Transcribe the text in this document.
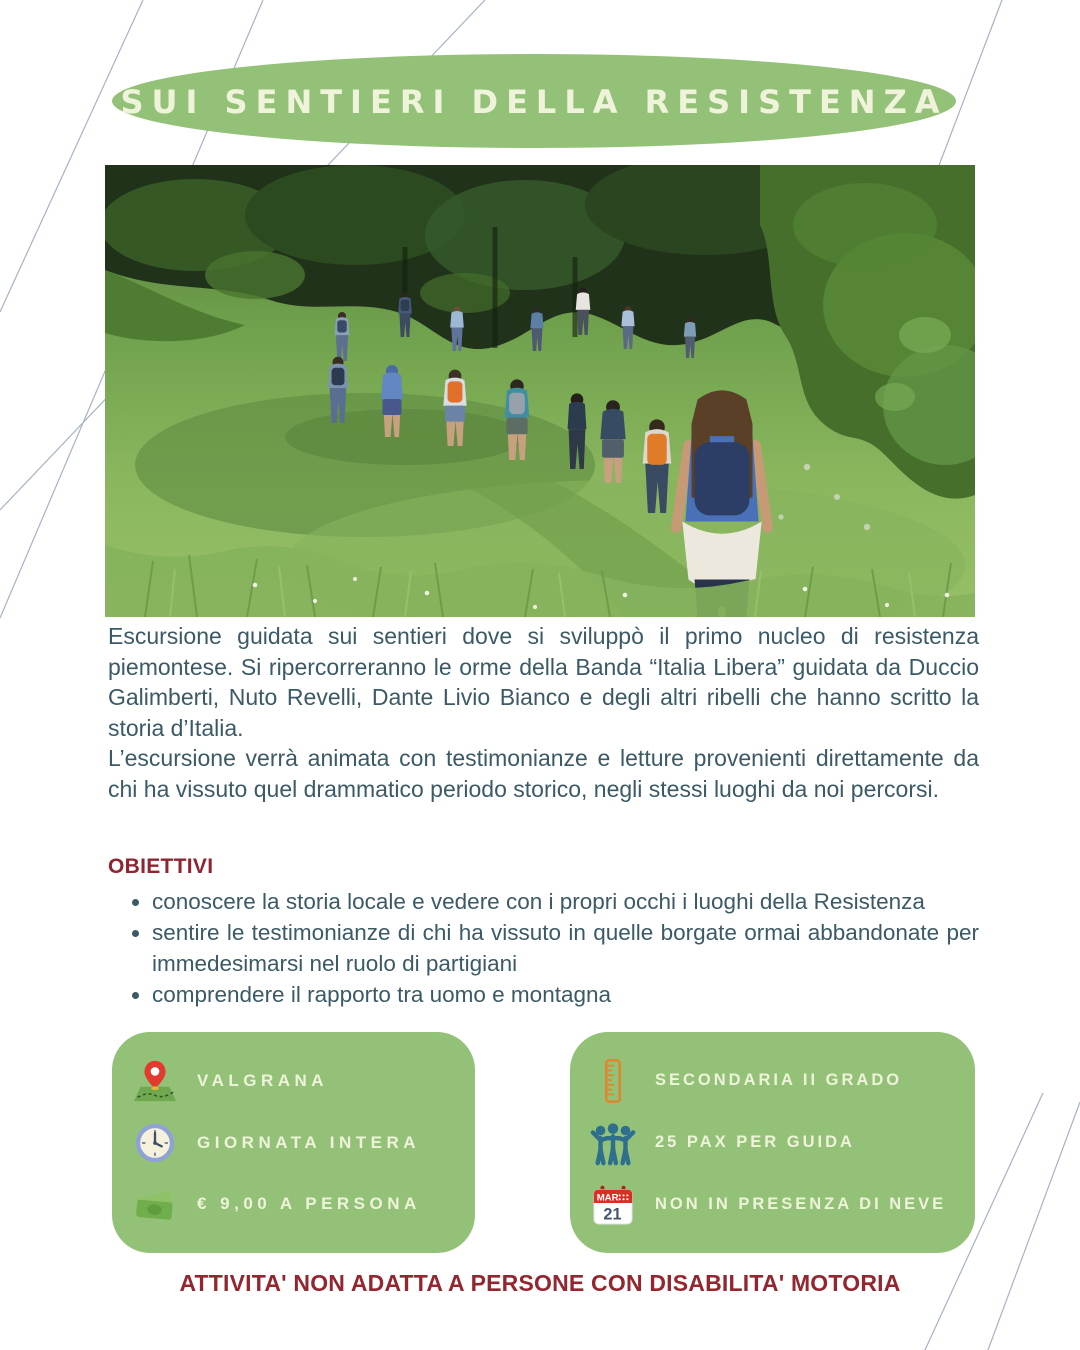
SUI SENTIERI DELLA RESISTENZA

Escursione guidata sui sentieri dove si sviluppò il primo nucleo di resistenza piemontese. Si ripercorreranno le orme della Banda “Italia Libera” guidata da Duccio Galimberti, Nuto Revelli, Dante Livio Bianco e degli altri ribelli che hanno scritto la storia d’Italia.

L’escursione verrà animata con testimonianze e letture provenienti direttamente da chi ha vissuto quel drammatico periodo storico, negli stessi luoghi da noi percorsi.

OBIETTIVI
• conoscere la storia locale e vedere con i propri occhi i luoghi della Resistenza
• sentire le testimonianze di chi ha vissuto in quelle borgate ormai abbandonate per immedesimarsi nel ruolo di partigiani
• comprendere il rapporto tra uomo e montagna
VALGRANA
GIORNATA INTERA
€ 9,00 A PERSONA
SECONDARIA II GRADO
25 PAX PER GUIDA
MAR
21
NON IN PRESENZA DI NEVE
ATTIVITA' NON ADATTA A PERSONE CON DISABILITA' MOTORIA
